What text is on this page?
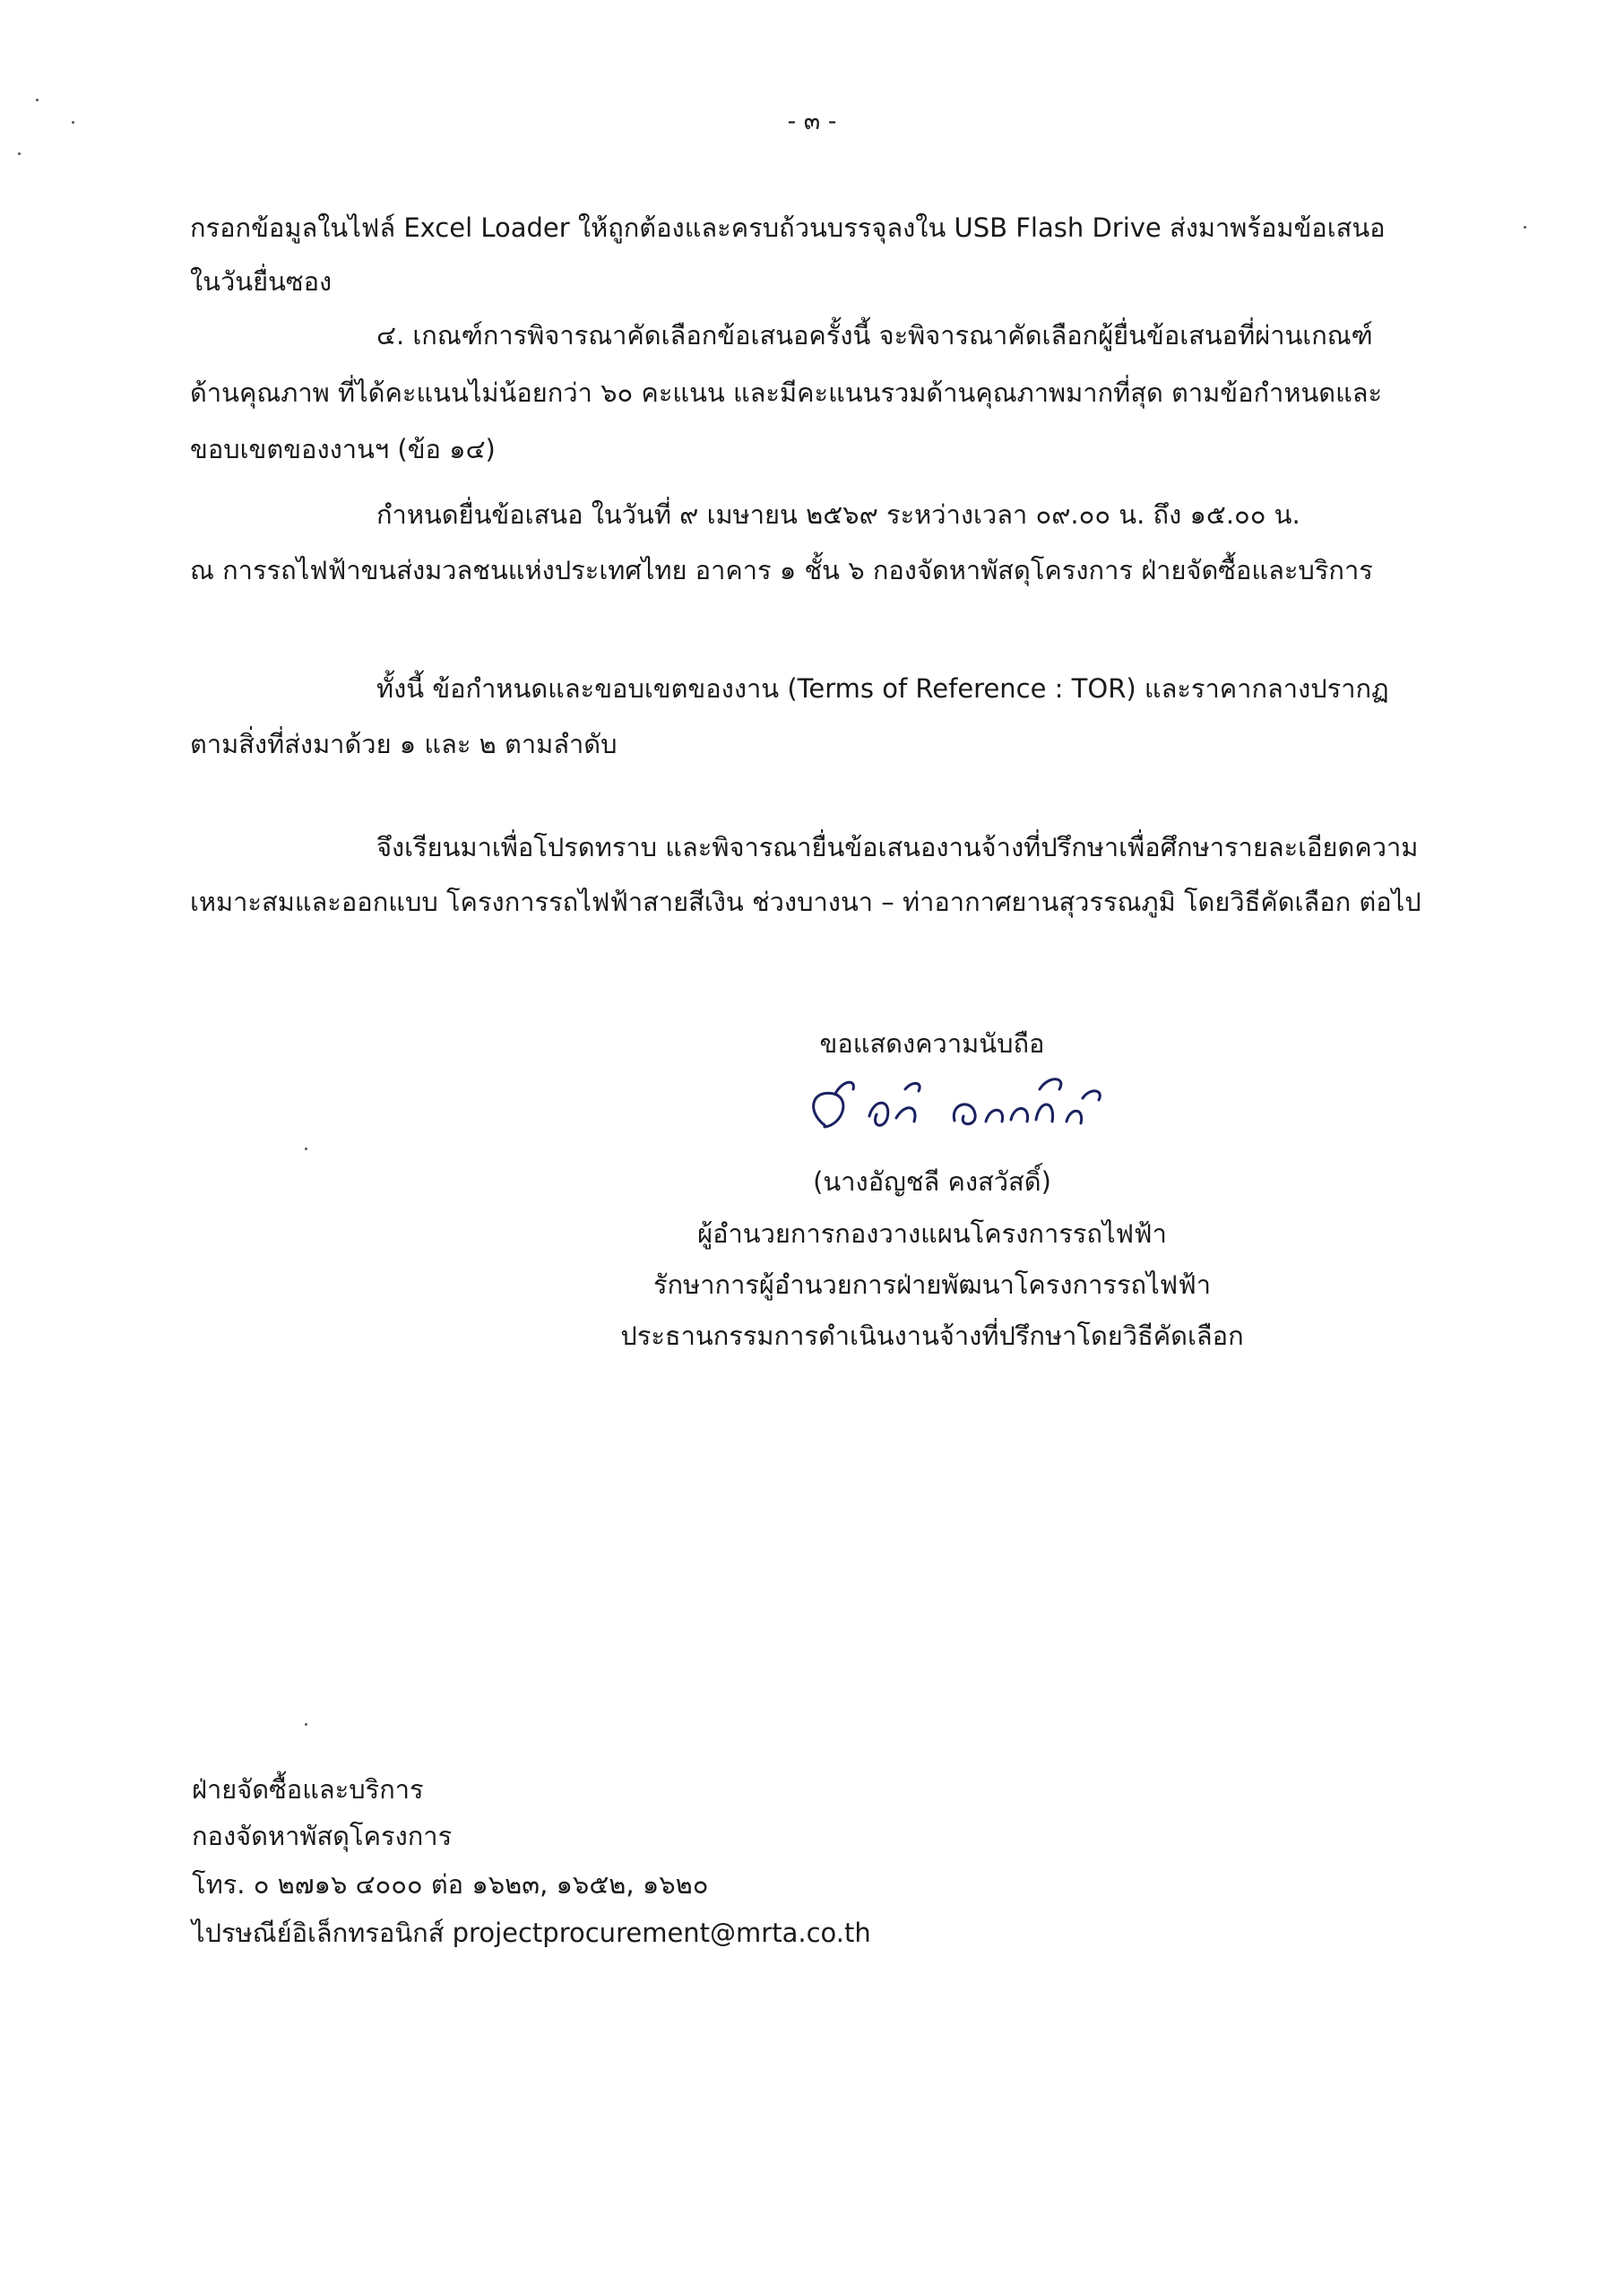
- ๓ -
กรอกข้อมูลในไฟล์ Excel Loader ให้ถูกต้องและครบถ้วนบรรจุลงใน USB Flash Drive ส่งมาพร้อมข้อเสนอ
ในวันยื่นซอง
๔. เกณฑ์การพิจารณาคัดเลือกข้อเสนอครั้งนี้ จะพิจารณาคัดเลือกผู้ยื่นข้อเสนอที่ผ่านเกณฑ์
ด้านคุณภาพ ที่ได้คะแนนไม่น้อยกว่า ๖๐ คะแนน และมีคะแนนรวมด้านคุณภาพมากที่สุด ตามข้อกำหนดและ
ขอบเขตของงานฯ (ข้อ ๑๔)
กำหนดยื่นข้อเสนอ ในวันที่ ๙ เมษายน ๒๕๖๙ ระหว่างเวลา ๐๙.๐๐ น. ถึง ๑๕.๐๐ น.
ณ การรถไฟฟ้าขนส่งมวลชนแห่งประเทศไทย อาคาร ๑ ชั้น ๖ กองจัดหาพัสดุโครงการ ฝ่ายจัดซื้อและบริการ
ทั้งนี้ ข้อกำหนดและขอบเขตของงาน (Terms of Reference : TOR) และราคากลางปรากฏ
ตามสิ่งที่ส่งมาด้วย ๑ และ ๒ ตามลำดับ
จึงเรียนมาเพื่อโปรดทราบ และพิจารณายื่นข้อเสนองานจ้างที่ปรึกษาเพื่อศึกษารายละเอียดความ
เหมาะสมและออกแบบ โครงการรถไฟฟ้าสายสีเงิน ช่วงบางนา – ท่าอากาศยานสุวรรณภูมิ โดยวิธีคัดเลือก ต่อไป
ขอแสดงความนับถือ
(นางอัญชลี คงสวัสดิ์)
ผู้อำนวยการกองวางแผนโครงการรถไฟฟ้า
รักษาการผู้อำนวยการฝ่ายพัฒนาโครงการรถไฟฟ้า
ประธานกรรมการดำเนินงานจ้างที่ปรึกษาโดยวิธีคัดเลือก
ฝ่ายจัดซื้อและบริการ
กองจัดหาพัสดุโครงการ
โทร. ๐ ๒๗๑๖ ๔๐๐๐ ต่อ ๑๖๒๓, ๑๖๕๒, ๑๖๒๐
ไปรษณีย์อิเล็กทรอนิกส์ projectprocurement@mrta.co.th
